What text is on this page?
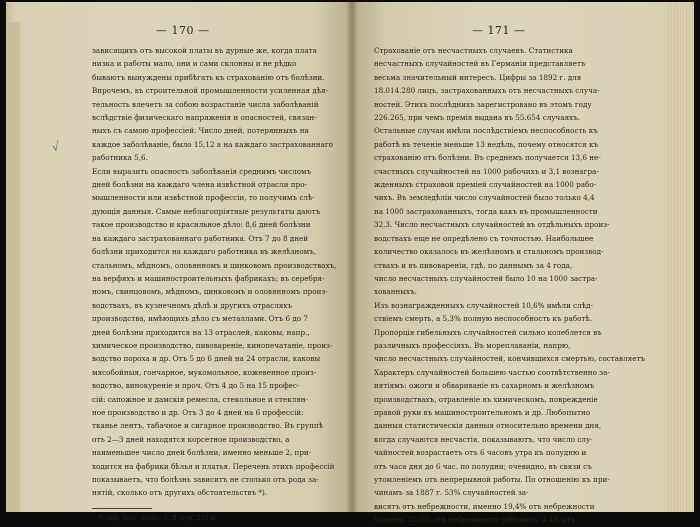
— 170 —
√
зависящихъ отъ высокой платы въ дурные же, когда плата
низка и работы мало, они и сами склонны и не рѣдко
бываютъ вынуждены прибѣгать къ страхованію отъ болѣзни.
Впрочемъ, въ строительной промышленности усиленная дѣя-
тельность влечетъ за собою возрастаніе числа заболѣваній
вслѣдствіе физическаго напряженія и опасностей, связан-
ныхъ съ самою профессіей. Число дней, потерянныхъ на
каждое заболѣваніе, было 15,12 а на каждаго застрахованнаго
работника 5,6.
Если выразить опасность заболѣванія среднимъ числомъ
дней болѣзни на каждаго члена извѣстной отрасли про-
мышленности или извѣстной профессіи, то получимъ слѣ-
дующія данныя. Самые неблагопріятные результаты даютъ
такое производство и красильное дѣло: 8,6 дней болѣзни
на каждаго застрахованнаго работника. Отъ 7 до 8 дней
болѣзни приходится на каждаго работника въ желѣзномъ,
стальномъ, мѣдномъ, оловянномъ и цинковомъ производствахъ,
на верфяхъ и машиностроительныхъ фабрикахъ; въ серебря-
номъ, свинцовомъ, мѣдномъ, цинковомъ и оловянномъ произ-
водствахъ, въ кузнечномъ дѣлѣ и другихъ отрасляхъ
производства, имѣющихъ дѣло съ металлами. Отъ 6 до 7
дней болѣзни приходится на 13 отраслей, каковы, напр.,
химическое производство, пивовареніе, кинопечатаніе, произ-
водство пороха и др. Отъ 5 до 6 дней на 24 отрасли, каковы
мясобойныя, гончарное, мукомольное, кожевенное произ-
водство, винокуреніе и проч. Отъ 4 до 5 на 15 профес-
сій: сапожное и дамскія ремесла, стекольное и стеклян-
ное производство и др. Отъ 3 до 4 дней на 6 профессій:
тканье лентъ, табачное и сигарное производство. Въ группѣ
отъ 2—3 дней находятся корсетное производство, а
наименьшее число дней болѣзни, именно меньше 2, при-
ходится на фабрики бѣлья и платья. Перечень этихъ профессій
показываетъ, что болѣзнь зависитъ не столько отъ рода за-
нятій, сколько отъ другихъ обстоятельствъ *).
*) Allg. Stat. Archiv, т. II, стр. 235 и.
— 171 —
Страхованіе отъ несчастныхъ случаевъ. Статистика
несчастныхъ случайностей въ Германіи представляетъ
весьма значительный интересъ. Цифры за 1892 г. для
18.014.280 лицъ, застрахованныхъ отъ несчастныхъ случа-
ностей. Этихъ послѣднихъ зарегистровано въ этомъ году
226.265, при чемъ премія выдана въ 55.654 случаяхъ.
Остальные случаи имѣли послѣдствіемъ неспособность къ
работѣ въ теченіе меньше 13 недѣль, почему относятся къ
страхованію отъ болѣзни. Въ среднемъ получается 13,6 не-
счастныхъ случайностей на 1000 рабочихъ и 3,1 вознагра-
жденныхъ страховой преміей случайностей на 1000 рабо-
чихъ. Въ земледѣліи число случайностей было только 4,4
на 1000 застрахованныхъ, тогда какъ въ промышленности
32,3. Число несчастныхъ случайностей въ отдѣльныхъ произ-
водствахъ еще не опредѣлено съ точностью. Наибольшее
количество оказалось въ желѣзномъ и стальномъ производ-
ствахъ и въ пивовареніи, гдѣ, по даннымъ за 4 года,
число несчастныхъ случайностей было 10 на 1000 застра-
хованныхъ.
Изъ вознагражденныхъ случайностей 10,6% имѣли слѣд-
ствіемъ смерть, а 5,3% полную неспособность къ работѣ.
Пропорція гибельныхъ случайностей сильно колеблется въ
различныхъ профессіяхъ. Въ мореплаваніи, напрю,
число несчастныхъ случайностей, кончившихся смертью, составляетъ
Характеръ случайностей большею частью соотвѣтственно за-
нятіямъ: ожоги и обвариваніе въ сахарномъ и желѣзномъ
производствахъ, отравленіе въ химическомъ, поврежденіе
правой руки въ машиностроительномъ и др. Любопытно
данныя статистическія данныя относительно времени дня,
когда случаются несчастія, показываютъ, что число слу-
чайностей возрастаетъ отъ 6 часовъ утра къ полудню и
отъ часа дня до 6 час. по полудни; очевидно, въ связи съ
утомленіемъ отъ непрерывной работы. По отношенію къ при-
чинамъ за 1887 г. 53% случайностей за-
висятъ отъ небрежности, именно 19,4% отъ небрежности
хозяевъ, 25,6% отъ небрежности рабочихъ, 4,4% отъ
